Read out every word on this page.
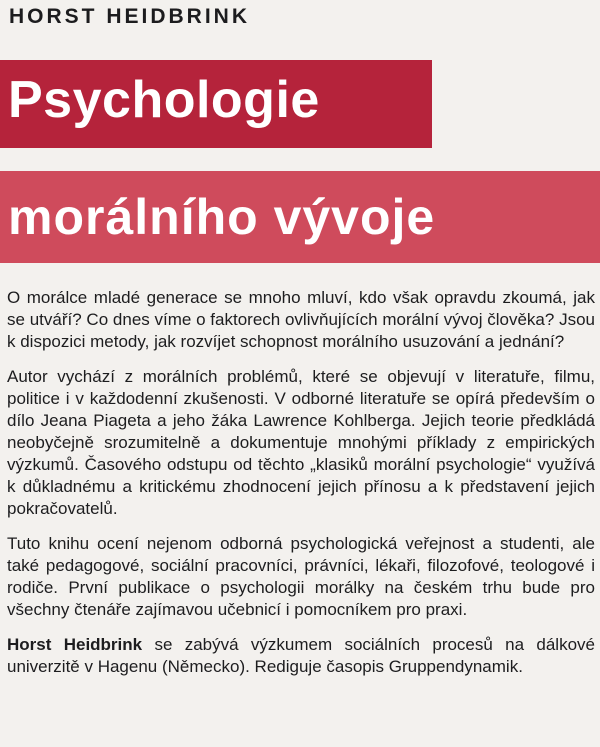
HORST HEIDBRINK
Psychologie
morálního vývoje

O morálce mladé generace se mnoho mluví, kdo však opravdu zkoumá, jak se utváří? Co dnes víme o faktorech ovlivňujících morální vývoj člověka? Jsou k dispozici metody, jak rozvíjet schopnost morálního usuzování a jednání?

Autor vychází z morálních problémů, které se objevují v literatuře, filmu, politice i v každodenní zkušenosti. V odborné literatuře se opírá především o dílo Jeana Piageta a jeho žáka Lawrence Kohlberga. Jejich teorie předkládá neobyčejně srozumitelně a dokumentuje mnohými příklady z empirických výzkumů. Časového odstupu od těchto „klasiků morální psychologie“ využívá k důkladnému a kritickému zhodnocení jejich přínosu a k představení jejich pokračovatelů.

Tuto knihu ocení nejenom odborná psychologická veřejnost a studenti, ale také pedagogové, sociální pracovníci, právníci, lékaři, filozofové, teologové i rodiče. První publikace o psychologii morálky na českém trhu bude pro všechny čtenáře zajímavou učebnicí i pomocníkem pro praxi.

Horst Heidbrink se zabývá výzkumem sociálních procesů na dálkové univerzitě v Hagenu (Německo). Rediguje časopis Gruppendynamik.
